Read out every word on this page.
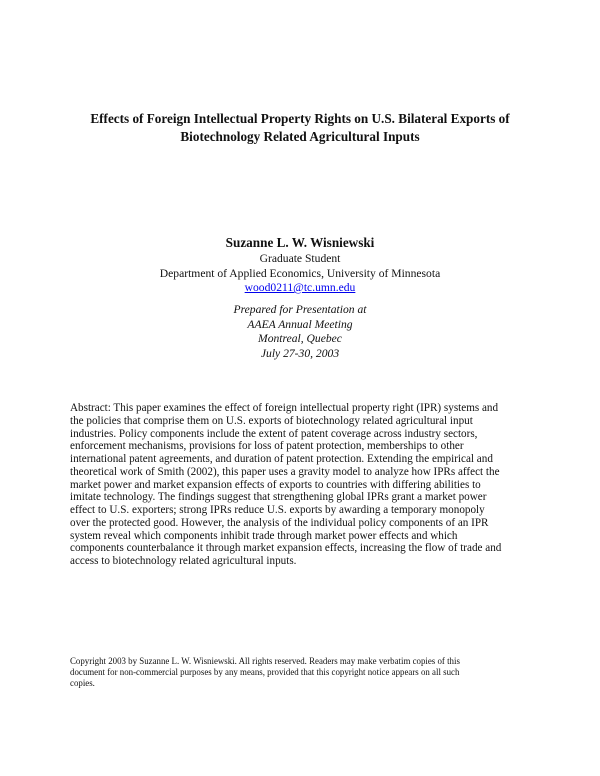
Effects of Foreign Intellectual Property Rights on U.S. Bilateral Exports of
Biotechnology Related Agricultural Inputs
Suzanne L. W. Wisniewski
Graduate Student
Department of Applied Economics, University of Minnesota
wood0211@tc.umn.edu
Prepared for Presentation at
AAEA Annual Meeting
Montreal, Quebec
July 27-30, 2003
Abstract: This paper examines the effect of foreign intellectual property right (IPR) systems and
the policies that comprise them on U.S. exports of biotechnology related agricultural input
industries. Policy components include the extent of patent coverage across industry sectors,
enforcement mechanisms, provisions for loss of patent protection, memberships to other
international patent agreements, and duration of patent protection. Extending the empirical and
theoretical work of Smith (2002), this paper uses a gravity model to analyze how IPRs affect the
market power and market expansion effects of exports to countries with differing abilities to
imitate technology. The findings suggest that strengthening global IPRs grant a market power
effect to U.S. exporters; strong IPRs reduce U.S. exports by awarding a temporary monopoly
over the protected good. However, the analysis of the individual policy components of an IPR
system reveal which components inhibit trade through market power effects and which
components counterbalance it through market expansion effects, increasing the flow of trade and
access to biotechnology related agricultural inputs.
Copyright 2003 by Suzanne L. W. Wisniewski. All rights reserved. Readers may make verbatim copies of this
document for non-commercial purposes by any means, provided that this copyright notice appears on all such
copies.
